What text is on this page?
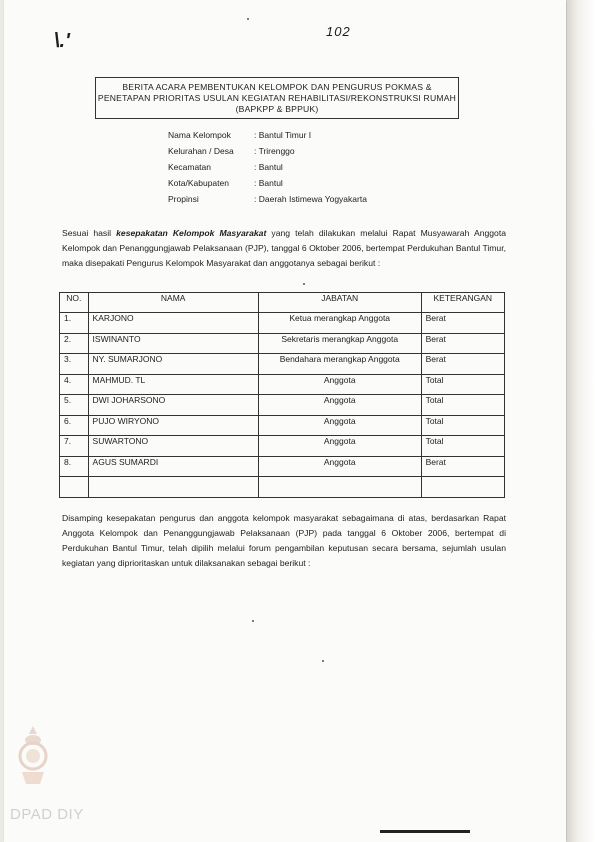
\.'	102
BERITA ACARA PEMBENTUKAN KELOMPOK DAN PENGURUS POKMAS &
PENETAPAN PRIORITAS USULAN KEGIATAN REHABILITASI/REKONSTRUKSI RUMAH
(BAPKPP & BPPUK)
Nama Kelompok	: Bantul Timur I
Kelurahan / Desa	: Trirenggo
Kecamatan	: Bantul
Kota/Kabupaten	: Bantul
Propinsi	: Daerah Istimewa Yogyakarta

Sesuai hasil kesepakatan Kelompok Masyarakat yang telah dilakukan melalui Rapat Musyawarah Anggota Kelompok dan Penanggungjawab Pelaksanaan (PJP), tanggal 6 Oktober 2006, bertempat Perdukuhan Bantul Timur, maka disepakati Pengurus Kelompok Masyarakat dan anggotanya sebagai berikut :

NO.	NAMA	JABATAN	KETERANGAN
1.	KARJONO	Ketua merangkap Anggota	Berat
2.	ISWINANTO	Sekretaris merangkap Anggota	Berat
3.	NY. SUMARJONO	Bendahara merangkap Anggota	Berat
4.	MAHMUD. TL	Anggota	Total
5.	DWI JOHARSONO	Anggota	Total
6.	PUJO WIRYONO	Anggota	Total
7.	SUWARTONO	Anggota	Total
8.	AGUS SUMARDI	Anggota	Berat

Disamping kesepakatan pengurus dan anggota kelompok masyarakat sebagaimana di atas, berdasarkan Rapat Anggota Kelompok dan Penanggungjawab Pelaksanaan (PJP) pada tanggal 6 Oktober 2006, bertempat di Perdukuhan Bantul Timur, telah dipilih melalui forum pengambilan keputusan secara bersama, sejumlah usulan kegiatan yang diprioritaskan untuk dilaksanakan sebagai berikut :

DPAD DIY
